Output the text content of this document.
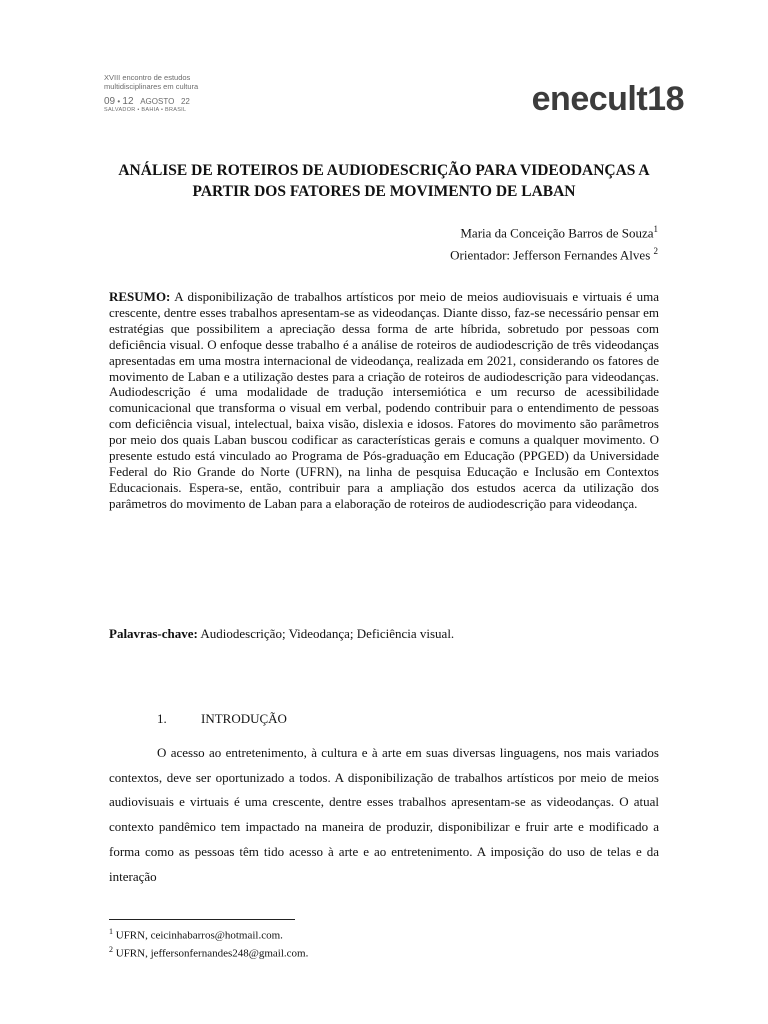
XVIII encontro de estudos
multidisciplinares em cultura
09 • 12 AGOSTO 22
SALVADOR • BAHIA • BRASIL	enecult18
ANÁLISE DE ROTEIROS DE AUDIODESCRIÇÃO PARA VIDEODANÇAS A PARTIR DOS FATORES DE MOVIMENTO DE LABAN
Maria da Conceição Barros de Souza$^1$
Orientador: Jefferson Fernandes Alves $^2$

RESUMO: A disponibilização de trabalhos artísticos por meio de meios audiovisuais e virtuais é uma crescente, dentre esses trabalhos apresentam-se as videodanças. Diante disso, faz-se necessário pensar em estratégias que possibilitem a apreciação dessa forma de arte híbrida, sobretudo por pessoas com deficiência visual. O enfoque desse trabalho é a análise de roteiros de audiodescrição de três videodanças apresentadas em uma mostra internacional de videodança, realizada em 2021, considerando os fatores de movimento de Laban e a utilização destes para a criação de roteiros de audiodescrição para videodanças. Audiodescrição é uma modalidade de tradução intersemiótica e um recurso de acessibilidade comunicacional que transforma o visual em verbal, podendo contribuir para o entendimento de pessoas com deficiência visual, intelectual, baixa visão, dislexia e idosos. Fatores do movimento são parâmetros por meio dos quais Laban buscou codificar as características gerais e comuns a qualquer movimento. O presente estudo está vinculado ao Programa de Pós-graduação em Educação (PPGED) da Universidade Federal do Rio Grande do Norte (UFRN), na linha de pesquisa Educação e Inclusão em Contextos Educacionais. Espera-se, então, contribuir para a ampliação dos estudos acerca da utilização dos parâmetros do movimento de Laban para a elaboração de roteiros de audiodescrição para videodança.

Palavras-chave: Audiodescrição; Videodança; Deficiência visual.

1.	INTRODUÇÃO

O acesso ao entretenimento, à cultura e à arte em suas diversas linguagens, nos mais variados contextos, deve ser oportunizado a todos. A disponibilização de trabalhos artísticos por meio de meios audiovisuais e virtuais é uma crescente, dentre esses trabalhos apresentam-se as videodanças. O atual contexto pandêmico tem impactado na maneira de produzir, disponibilizar e fruir arte e modificado a forma como as pessoas têm tido acesso à arte e ao entretenimento. A imposição do uso de telas e da interação

$^1$ UFRN, ceicinhabarros@hotmail.com.
$^2$ UFRN, jeffersonfernandes248@gmail.com.
